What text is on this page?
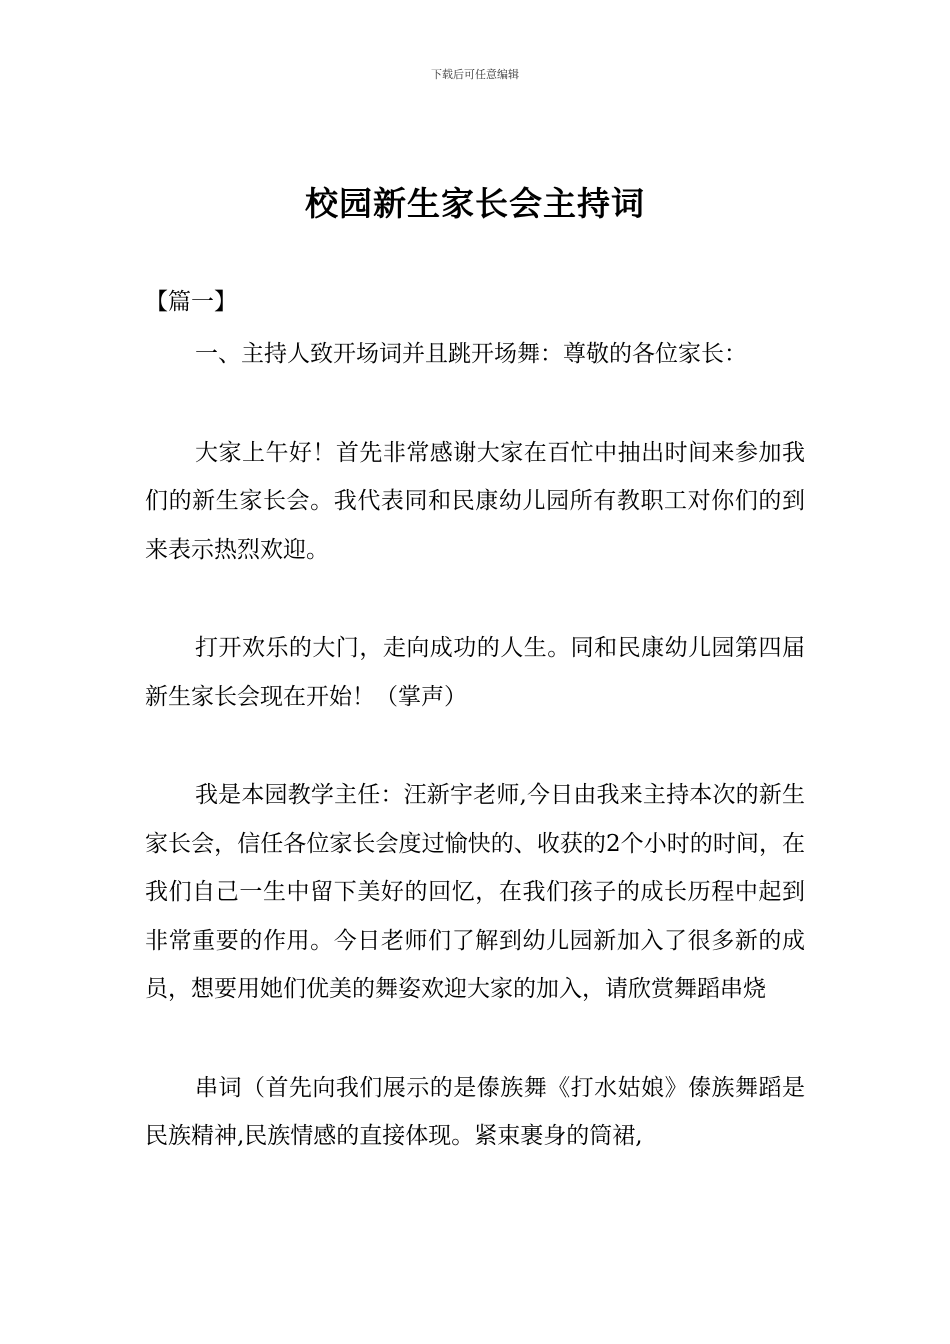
下载后可任意编辑
校园新生家长会主持词
【篇一】

一、主持人致开场词并且跳开场舞：尊敬的各位家长：

大家上午好！首先非常感谢大家在百忙中抽出时间来参加我们的新生家长会。我代表同和民康幼儿园所有教职工对你们的到来表示热烈欢迎。

打开欢乐的大门，走向成功的人生。同和民康幼儿园第四届新生家长会现在开始！（掌声）

我是本园教学主任：汪新宇老师,今日由我来主持本次的新生家长会，信任各位家长会度过愉快的、收获的2个小时的时间，在我们自己一生中留下美好的回忆，在我们孩子的成长历程中起到非常重要的作用。今日老师们了解到幼儿园新加入了很多新的成员，想要用她们优美的舞姿欢迎大家的加入，请欣赏舞蹈串烧

串词（首先向我们展示的是傣族舞《打水姑娘》傣族舞蹈是民族精神,民族情感的直接体现。紧束裹身的筒裙,
